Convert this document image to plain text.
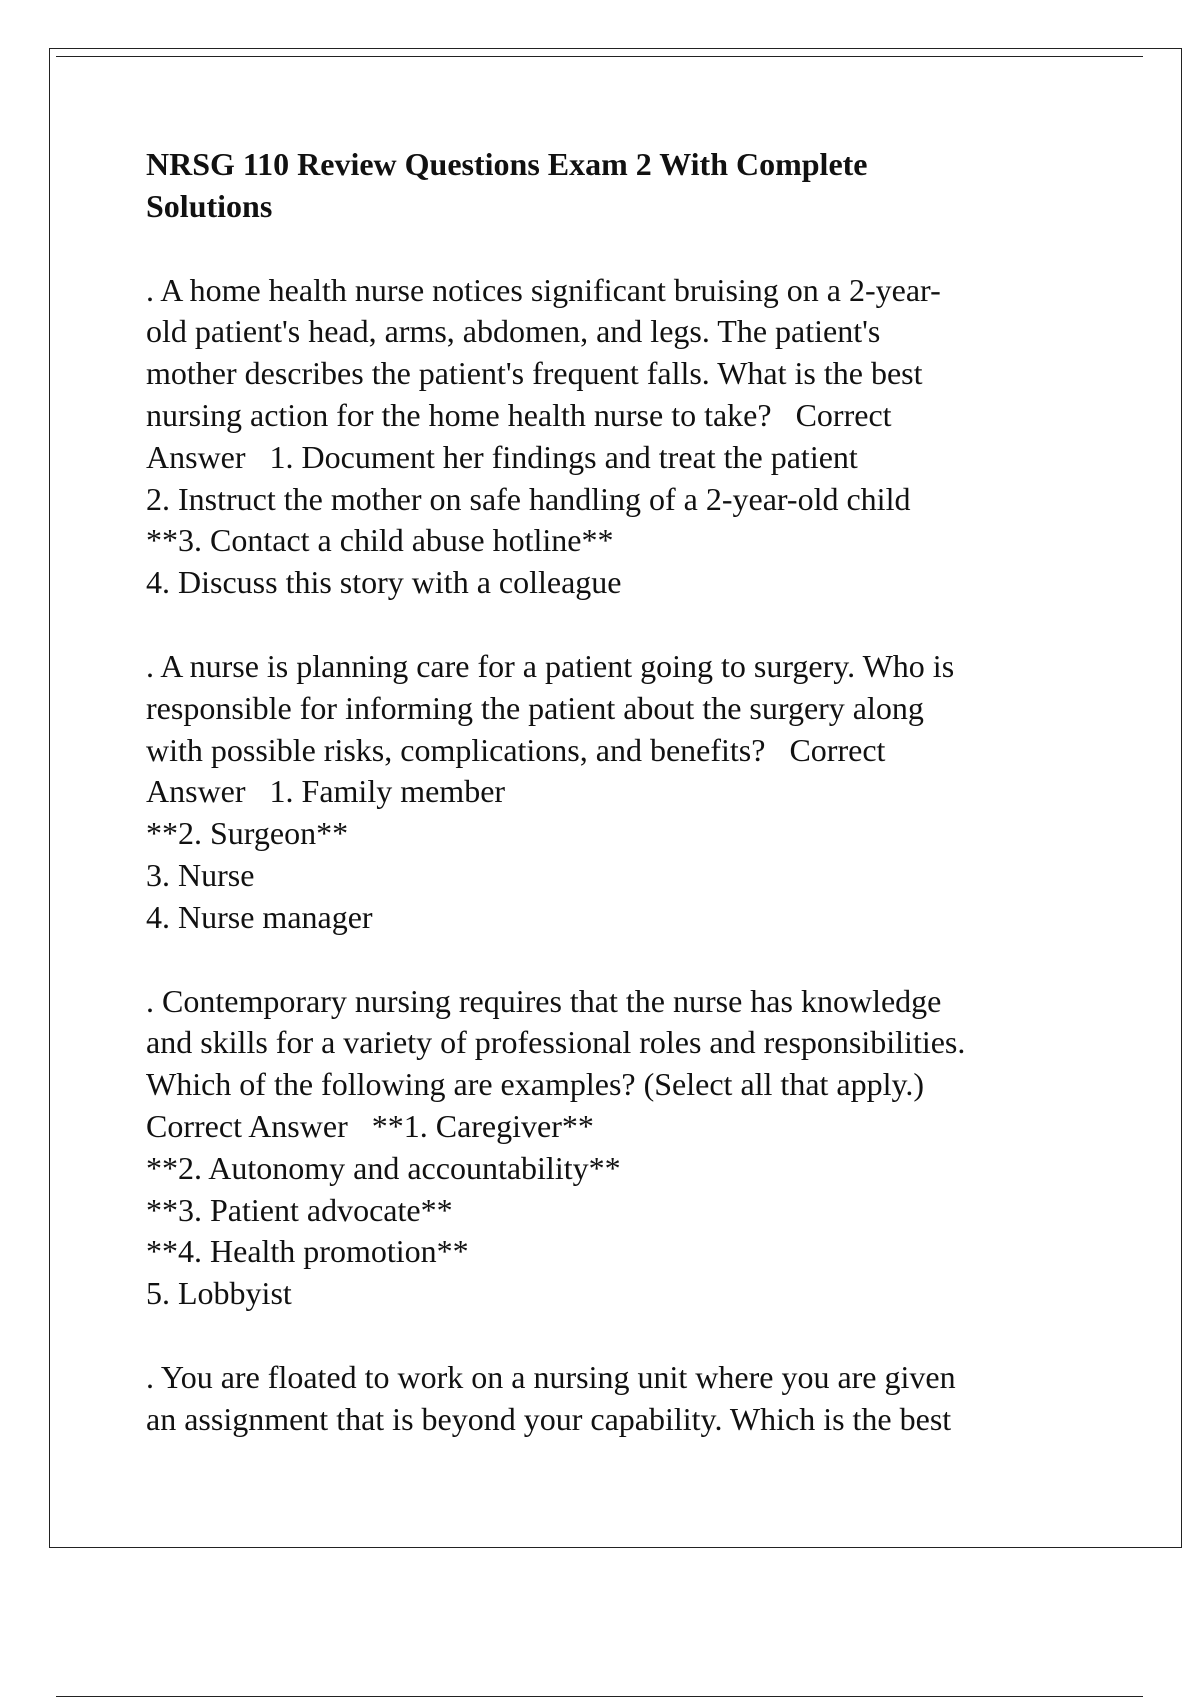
NRSG 110 Review Questions Exam 2 With Complete
Solutions
. A home health nurse notices significant bruising on a 2-year-
old patient's head, arms, abdomen, and legs. The patient's
mother describes the patient's frequent falls. What is the best
nursing action for the home health nurse to take?   Correct
Answer   1. Document her findings and treat the patient
2. Instruct the mother on safe handling of a 2-year-old child
**3. Contact a child abuse hotline**
4. Discuss this story with a colleague
. A nurse is planning care for a patient going to surgery. Who is
responsible for informing the patient about the surgery along
with possible risks, complications, and benefits?   Correct
Answer   1. Family member
**2. Surgeon**
3. Nurse
4. Nurse manager
. Contemporary nursing requires that the nurse has knowledge
and skills for a variety of professional roles and responsibilities.
Which of the following are examples? (Select all that apply.)
Correct Answer   **1. Caregiver**
**2. Autonomy and accountability**
**3. Patient advocate**
**4. Health promotion**
5. Lobbyist
. You are floated to work on a nursing unit where you are given
an assignment that is beyond your capability. Which is the best
